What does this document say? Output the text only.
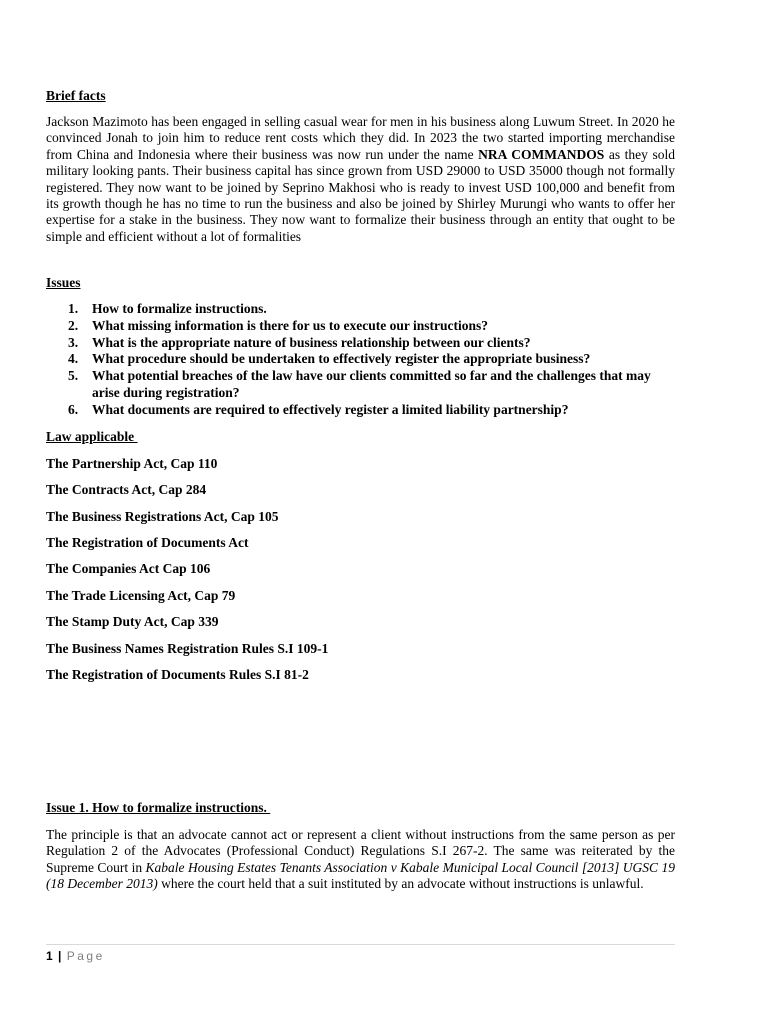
Brief facts
Jackson Mazimoto has been engaged in selling casual wear for men in his business along Luwum Street. In 2020 he convinced Jonah to join him to reduce rent costs which they did. In 2023 the two started importing merchandise from China and Indonesia where their business was now run under the name NRA COMMANDOS as they sold military looking pants. Their business capital has since grown from USD 29000 to USD 35000 though not formally registered. They now want to be joined by Seprino Makhosi who is ready to invest USD 100,000 and benefit from its growth though he has no time to run the business and also be joined by Shirley Murungi who wants to offer her expertise for a stake in the business. They now want to formalize their business through an entity that ought to be simple and efficient without a lot of formalities
Issues
1. How to formalize instructions.
2. What missing information is there for us to execute our instructions?
3. What is the appropriate nature of business relationship between our clients?
4. What procedure should be undertaken to effectively register the appropriate business?
5. What potential breaches of the law have our clients committed so far and the challenges that may arise during registration?
6. What documents are required to effectively register a limited liability partnership?
Law applicable
The Partnership Act, Cap 110
The Contracts Act, Cap 284
The Business Registrations Act, Cap 105
The Registration of Documents Act
The Companies Act Cap 106
The Trade Licensing Act, Cap 79
The Stamp Duty Act, Cap 339
The Business Names Registration Rules S.I 109-1
The Registration of Documents Rules S.I 81-2
Issue 1. How to formalize instructions.
The principle is that an advocate cannot act or represent a client without instructions from the same person as per Regulation 2 of the Advocates (Professional Conduct) Regulations S.I 267-2. The same was reiterated by the Supreme Court in Kabale Housing Estates Tenants Association v Kabale Municipal Local Council [2013] UGSC 19 (18 December 2013) where the court held that a suit instituted by an advocate without instructions is unlawful.
1 | Page
